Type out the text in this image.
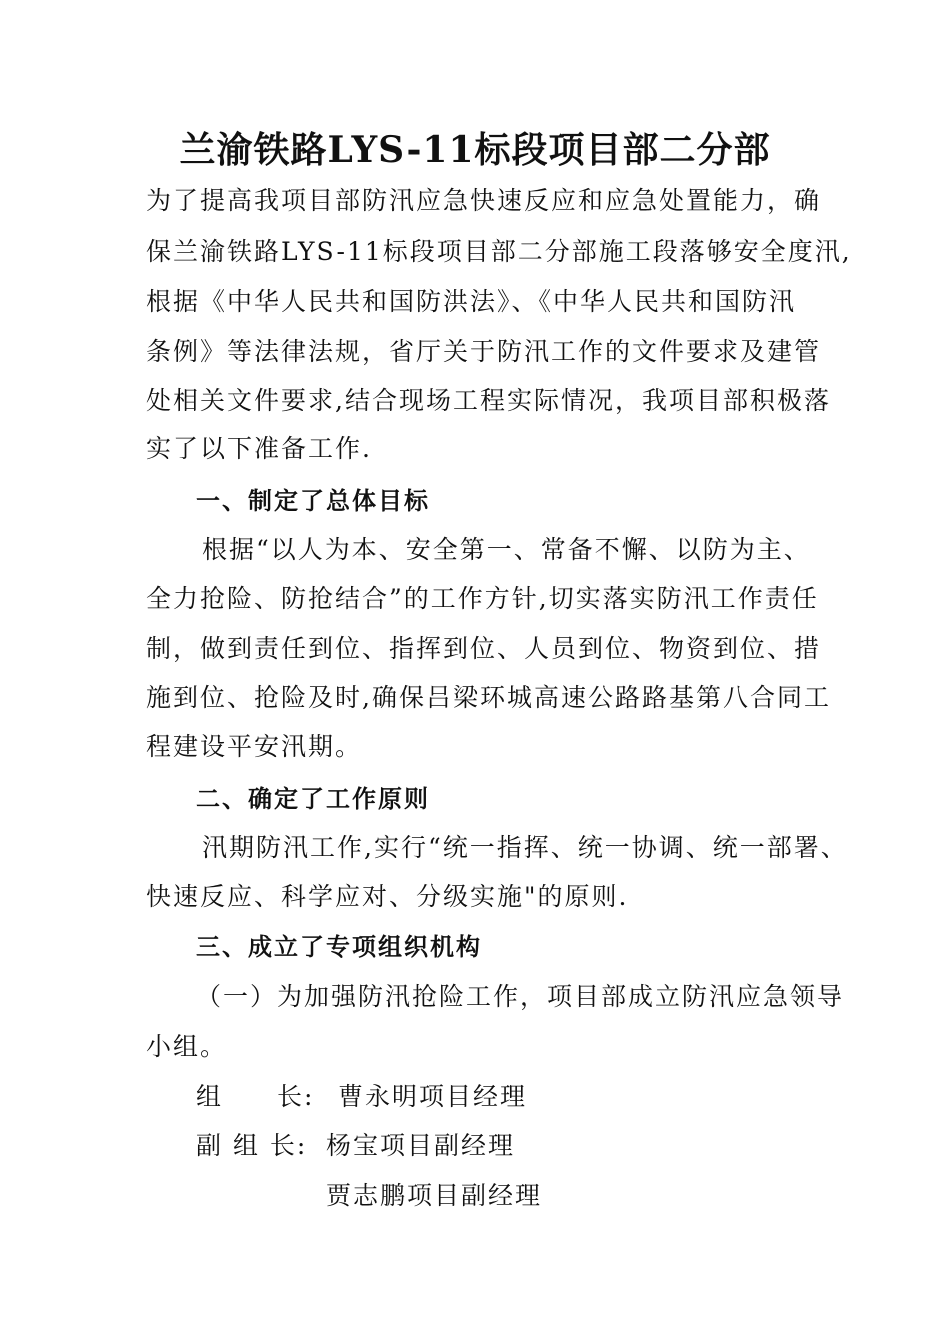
兰渝铁路LYS-11标段项目部二分部
为了提高我项目部防汛应急快速反应和应急处置能力，确
保兰渝铁路LYS-11标段项目部二分部施工段落够安全度汛,
根据《中华人民共和国防洪法》、《中华人民共和国防汛
条例》等法律法规，省厅关于防汛工作的文件要求及建管
处相关文件要求,结合现场工程实际情况，我项目部积极落
实了以下准备工作.
一、制定了总体目标
根据“以人为本、安全第一、常备不懈、以防为主、
全力抢险、防抢结合”的工作方针,切实落实防汛工作责任
制，做到责任到位、指挥到位、人员到位、物资到位、措
施到位、抢险及时,确保吕梁环城高速公路路基第八合同工
程建设平安汛期。
二、确定了工作原则
汛期防汛工作,实行“统一指挥、统一协调、统一部署、
快速反应、科学应对、分级实施"的原则.
三、成立了专项组织机构
（一）为加强防汛抢险工作，项目部成立防汛应急领导
小组。
组　　长: 曹永明项目经理
副 组 长: 杨宝项目副经理
贾志鹏项目副经理
